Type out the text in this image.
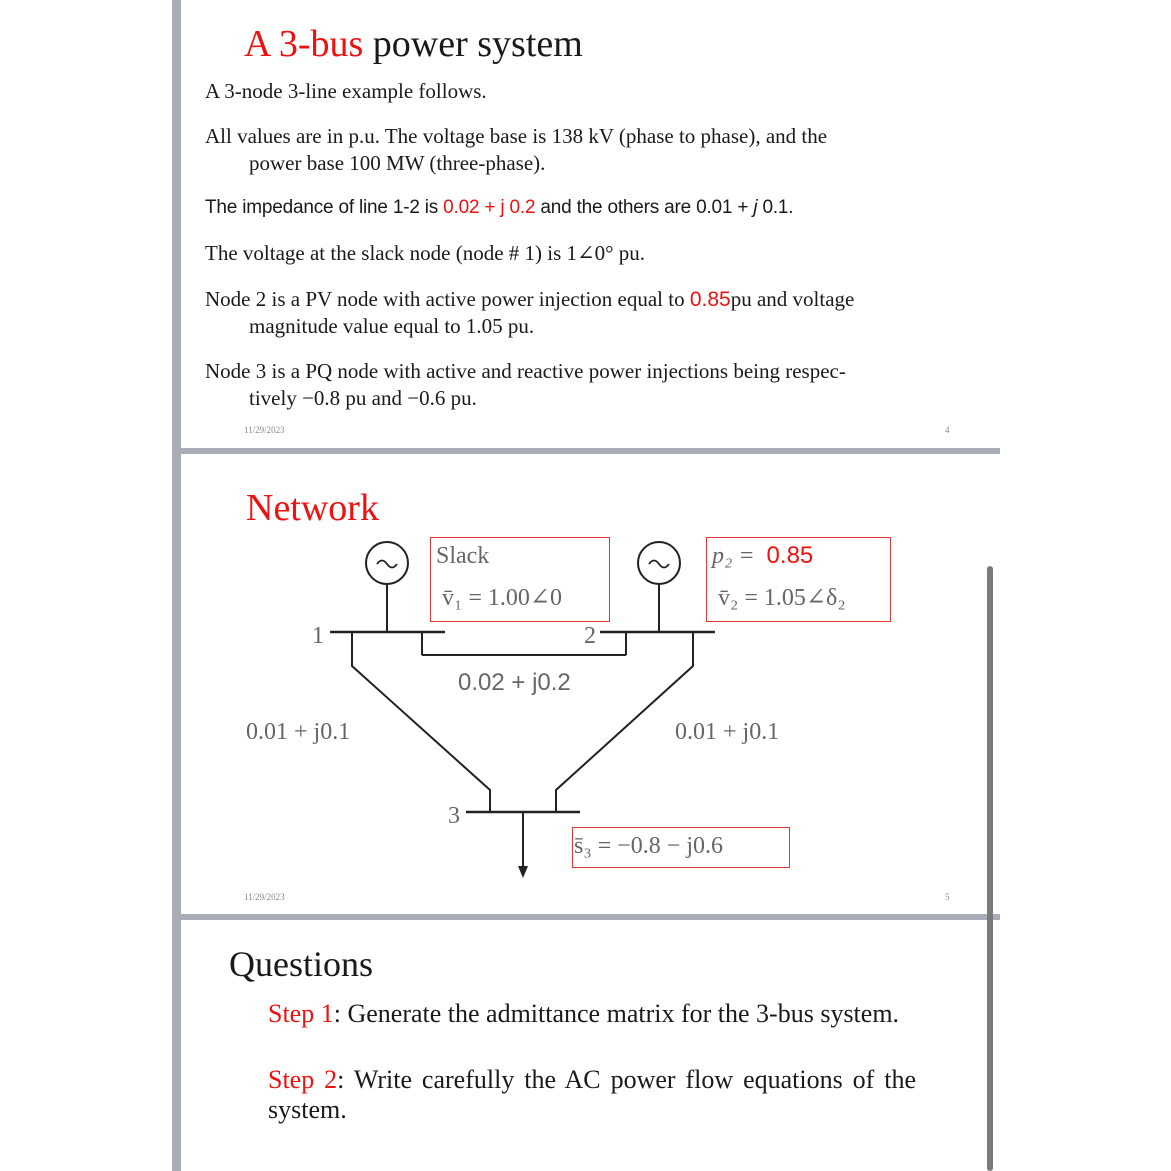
A 3-bus power system
A 3-node 3-line example follows.
All values are in p.u. The voltage base is 138 kV (phase to phase), and the
power base 100 MW (three-phase).
The impedance of line 1-2 is 0.02 + j 0.2 and the others are 0.01 + j 0.1.
The voltage at the slack node (node # 1) is 1∠0° pu.
Node 2 is a PV node with active power injection equal to 0.85pu and voltage
magnitude value equal to 1.05 pu.
Node 3 is a PQ node with active and reactive power injections being respec-
tively −0.8 pu and −0.6 pu.
11/29/2023	4
Network
1	2
3
Slack
v̄₁ = 1.00∠0
p₂ = 0.85
v̄₂ = 1.05∠δ₂
0.02 + j0.2
0.01 + j0.1	0.01 + j0.1
s̄₃ = −0.8 − j0.6
11/29/2023	5
Questions
Step 1: Generate the admittance matrix for the 3-bus system.
Step 2: Write carefully the AC power flow equations of the system.
